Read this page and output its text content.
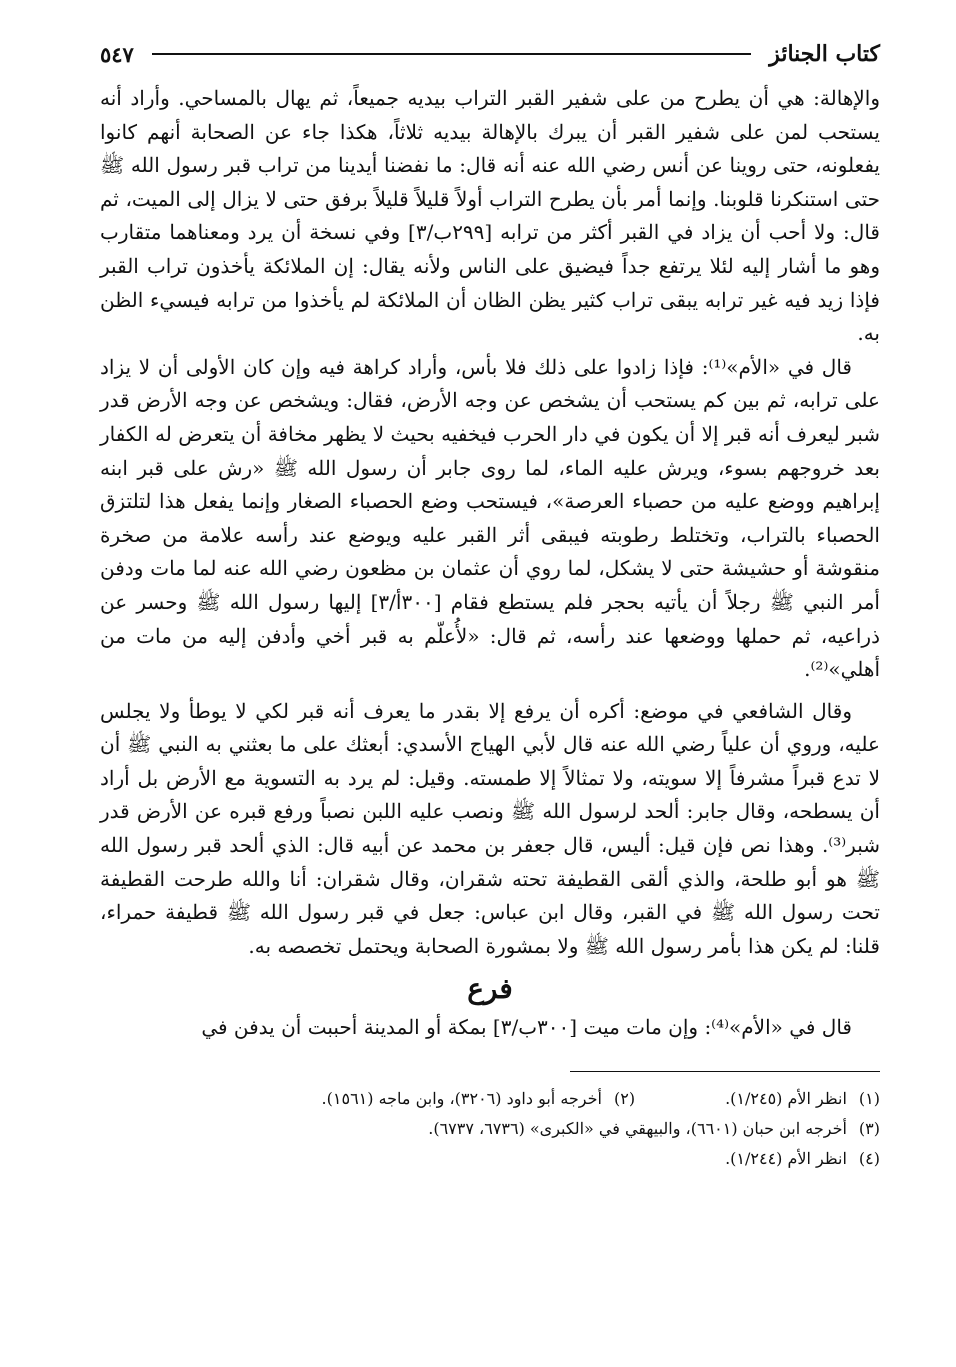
كتاب الجنائز
٥٤٧

والإهالة: هي أن يطرح من على شفير القبر التراب بيديه جميعاً، ثم يهال بالمساحي. وأراد أنه يستحب لمن على شفير القبر أن يبرك بالإهالة بيديه ثلاثاً، هكذا جاء عن الصحابة أنهم كانوا يفعلونه، حتى روينا عن أنس رضي الله عنه أنه قال: ما نفضنا أيدينا من تراب قبر رسول الله ﷺ حتى استنكرنا قلوبنا. وإنما أمر بأن يطرح التراب أولاً قليلاً قليلاً برفق حتى لا يزال إلى الميت، ثم قال: ولا أحب أن يزاد في القبر أكثر من ترابه [٢٩٩ب/٣] وفي نسخة أن يرد ومعناهما متقارب وهو ما أشار إليه لئلا يرتفع جداً فيضيق على الناس ولأنه يقال: إن الملائكة يأخذون تراب القبر فإذا زيد فيه غير ترابه يبقى تراب كثير يظن الظان أن الملائكة لم يأخذوا من ترابه فيسيء الظن به.

قال في «الأم»⁽¹⁾: فإذا زادوا على ذلك فلا بأس، وأراد كراهة فيه وإن كان الأولى أن لا يزاد على ترابه، ثم بين كم يستحب أن يشخص عن وجه الأرض، فقال: ويشخص عن وجه الأرض قدر شبر ليعرف أنه قبر إلا أن يكون في دار الحرب فيخفيه بحيث لا يظهر مخافة أن يتعرض له الكفار بعد خروجهم بسوء، ويرش عليه الماء، لما روى جابر أن رسول الله ﷺ «رش على قبر ابنه إبراهيم ووضع عليه من حصباء العرصة»، فيستحب وضع الحصباء الصغار وإنما يفعل هذا لتلتزق الحصباء بالتراب، وتختلط رطوبته فيبقى أثر القبر عليه ويوضع عند رأسه علامة من صخرة منقوشة أو حشيشة حتى لا يشكل، لما روي أن عثمان بن مظعون رضي الله عنه لما مات ودفن أمر النبي ﷺ رجلاً أن يأتيه بحجر فلم يستطع فقام [٣٠٠أ/٣] إليها رسول الله ﷺ وحسر عن ذراعيه، ثم حملها ووضعها عند رأسه، ثم قال: «لأُعلّم به قبر أخي وأدفن إليه من مات من أهلي»⁽²⁾.

وقال الشافعي في موضع: أكره أن يرفع إلا بقدر ما يعرف أنه قبر لكي لا يوطأ ولا يجلس عليه، وروي أن علياً رضي الله عنه قال لأبي الهياج الأسدي: أبعثك على ما بعثني به النبي ﷺ أن لا تدع قبراً مشرفاً إلا سويته، ولا تمثالاً إلا طمسته. وقيل: لم يرد به التسوية مع الأرض بل أراد أن يسطحه، وقال جابر: ألحد لرسول الله ﷺ ونصب عليه اللبن نصباً ورفع قبره عن الأرض قدر شبر⁽³⁾. وهذا نص فإن قيل: أليس، قال جعفر بن محمد عن أبيه قال: الذي ألحد قبر رسول الله ﷺ هو أبو طلحة، والذي ألقى القطيفة تحته شقران، وقال شقران: أنا والله طرحت القطيفة تحت رسول الله ﷺ في القبر، وقال ابن عباس: جعل في قبر رسول الله ﷺ قطيفة حمراء، قلنا: لم يكن هذا بأمر رسول الله ﷺ ولا بمشورة الصحابة ويحتمل تخصصه به.

فرع

قال في «الأم»⁽⁴⁾: وإن مات ميت [٣٠٠ب/٣] بمكة أو المدينة أحببت أن يدفن في

(١)انظر الأم (١/٢٤٥).
(٢)أخرجه أبو داود (٣٢٠٦)، وابن ماجه (١٥٦١).
(٣)أخرجه ابن حبان (٦٦٠١)، والبيهقي في «الكبرى» (٦٧٣٦، ٦٧٣٧).
(٤)انظر الأم (١/٢٤٤).
